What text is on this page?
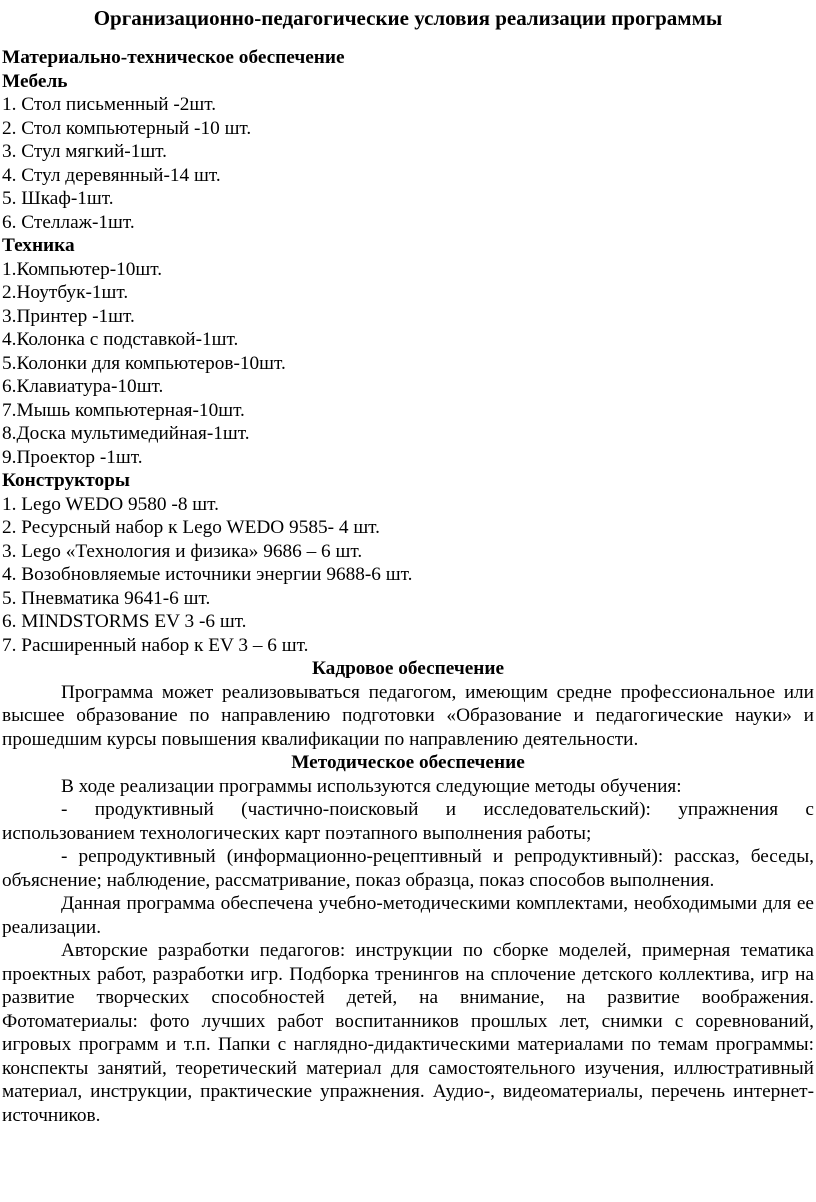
Организационно-педагогические условия реализации программы
Материально-техническое обеспечение
Мебель
1. Стол письменный -2шт.
2. Стол компьютерный -10 шт.
3. Стул мягкий-1шт.
4. Стул деревянный-14 шт.
5. Шкаф-1шт.
6. Стеллаж-1шт.
Техника
1.Компьютер-10шт.
2.Ноутбук-1шт.
3.Принтер -1шт.
4.Колонка с подставкой-1шт.
5.Колонки для компьютеров-10шт.
6.Клавиатура-10шт.
7.Мышь компьютерная-10шт.
8.Доска мультимедийная-1шт.
9.Проектор -1шт.
Конструкторы
1. Lego WEDO 9580 -8 шт.
2. Ресурсный набор к Lego WEDO 9585- 4 шт.
3. Lego «Технология и физика» 9686 – 6 шт.
4. Возобновляемые источники энергии 9688-6 шт.
5. Пневматика 9641-6 шт.
6. MINDSTORMS EV 3 -6 шт.
7. Расширенный набор к EV 3 – 6 шт.
Кадровое обеспечение
Программа может реализовываться педагогом, имеющим средне профессиональное или высшее образование по направлению подготовки «Образование и педагогические науки» и прошедшим курсы повышения квалификации по направлению деятельности.
Методическое обеспечение
В ходе реализации программы используются следующие методы обучения:
- продуктивный (частично-поисковый и исследовательский): упражнения с использованием технологических карт поэтапного выполнения работы;
- репродуктивный (информационно-рецептивный и репродуктивный): рассказ, беседы, объяснение; наблюдение, рассматривание, показ образца, показ способов выполнения.
Данная программа обеспечена учебно-методическими комплектами, необходимыми для ее реализации.
Авторские разработки педагогов: инструкции по сборке моделей, примерная тематика проектных работ, разработки игр. Подборка тренингов на сплочение детского коллектива, игр на развитие творческих способностей детей, на внимание, на развитие воображения. Фотоматериалы: фото лучших работ воспитанников прошлых лет, снимки с соревнований, игровых программ и т.п. Папки с наглядно-дидактическими материалами по темам программы: конспекты занятий, теоретический материал для самостоятельного изучения, иллюстративный материал, инструкции, практические упражнения. Аудио-, видеоматериалы, перечень интернет-источников.
